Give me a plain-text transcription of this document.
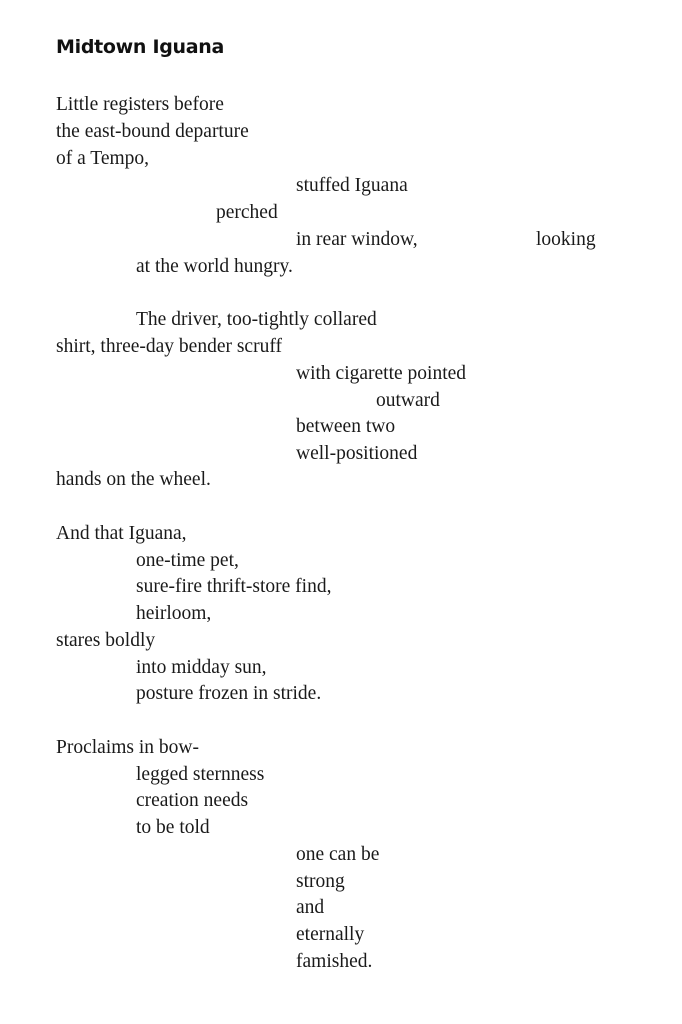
Midtown Iguana
Little registers before
the east-bound departure
of a Tempo,
stuffed Iguana
perched
in rear window,	looking
at the world hungry.
The driver, too-tightly collared
shirt, three-day bender scruff
with cigarette pointed
outward
between two
well-positioned
hands on the wheel.
And that Iguana,
one-time pet,
sure-fire thrift-store find,
heirloom,
stares boldly
into midday sun,
posture frozen in stride.
Proclaims in bow-
legged sternness
creation needs
to be told
one can be
strong
and
eternally
famished.
